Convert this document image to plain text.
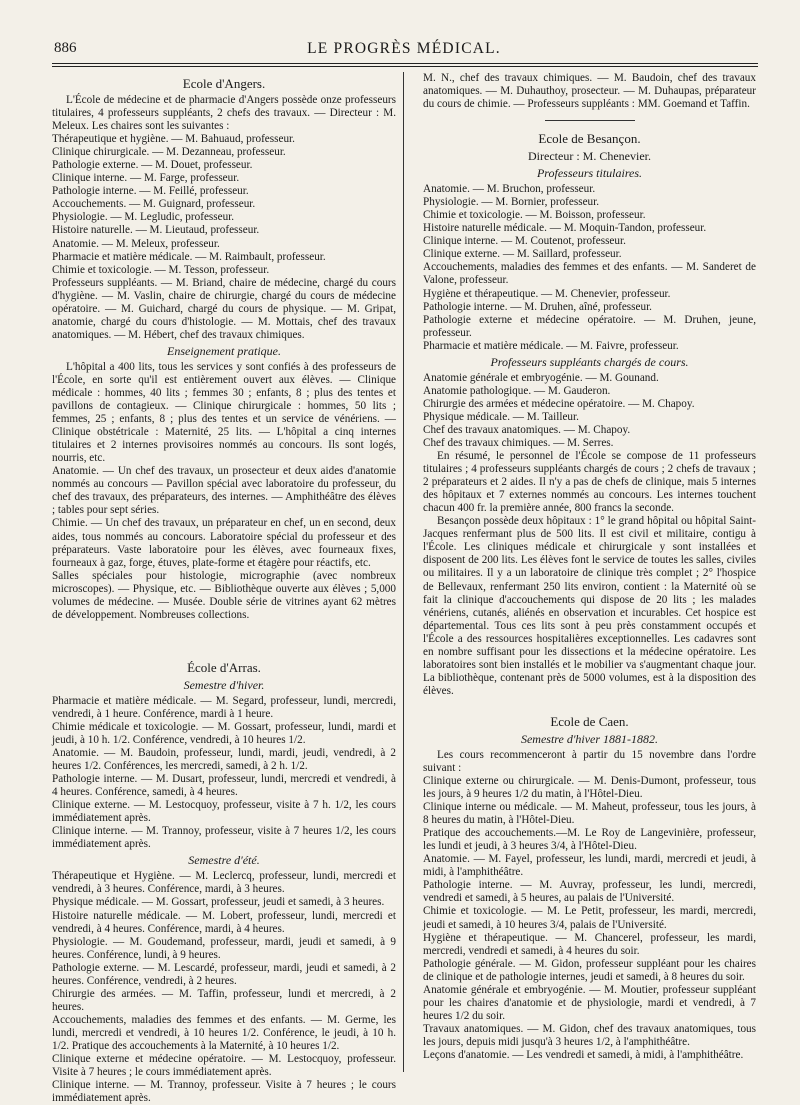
886	LE PROGRÈS MÉDICAL.

Ecole d'Angers.

L'École de médecine et de pharmacie d'Angers possède onze professeurs titulaires, 4 professeurs suppléants, 2 chefs des travaux. — Directeur : M. Meleux. Les chaires sont les suivantes :

Thérapeutique et hygiène. — M. Bahuaud, professeur.

Clinique chirurgicale. — M. Dezanneau, professeur.

Pathologie externe. — M. Douet, professeur.

Clinique interne. — M. Farge, professeur.

Pathologie interne. — M. Feillé, professeur.

Accouchements. — M. Guignard, professeur.

Physiologie. — M. Legludic, professeur.

Histoire naturelle. — M. Lieutaud, professeur.

Anatomie. — M. Meleux, professeur.

Pharmacie et matière médicale. — M. Raimbault, professeur.

Chimie et toxicologie. — M. Tesson, professeur.

Professeurs suppléants. — M. Briand, chaire de médecine, chargé du cours d'hygiène. — M. Vaslin, chaire de chirurgie, chargé du cours de médecine opératoire. — M. Guichard, chargé du cours de physique. — M. Gripat, anatomie, chargé du cours d'histologie. — M. Mottais, chef des travaux anatomiques. — M. Hébert, chef des travaux chimiques.

Enseignement pratique.

L'hôpital a 400 lits, tous les services y sont confiés à des professeurs de l'École, en sorte qu'il est entièrement ouvert aux élèves. — Clinique médicale : hommes, 40 lits ; femmes 30 ; enfants, 8 ; plus des tentes et pavillons de contagieux. — Clinique chirurgicale : hommes, 50 lits ; femmes, 25 ; enfants, 8 ; plus des tentes et un service de vénériens. — Clinique obstétricale : Maternité, 25 lits. — L'hôpital a cinq internes titulaires et 2 internes provisoires nommés au concours. Ils sont logés, nourris, etc.

Anatomie. — Un chef des travaux, un prosecteur et deux aides d'anatomie nommés au concours — Pavillon spécial avec laboratoire du professeur, du chef des travaux, des préparateurs, des internes. — Amphithéâtre des élèves ; tables pour sept séries.

Chimie. — Un chef des travaux, un préparateur en chef, un en second, deux aides, tous nommés au concours. Laboratoire spécial du professeur et des préparateurs. Vaste laboratoire pour les élèves, avec fourneaux fixes, fourneaux à gaz, forge, étuves, plate-forme et étagère pour réactifs, etc.

Salles spéciales pour histologie, micrographie (avec nombreux microscopes). — Physique, etc. — Bibliothèque ouverte aux élèves ; 5,000 volumes de médecine. — Musée. Double série de vitrines ayant 62 mètres de développement. Nombreuses collections.

École d'Arras.

Semestre d'hiver.

Pharmacie et matière médicale. — M. Segard, professeur, lundi, mercredi, vendredi, à 1 heure. Conférence, mardi à 1 heure.

Chimie médicale et toxicologie. — M. Gossart, professeur, lundi, mardi et jeudi, à 10 h. 1/2. Conférence, vendredi, à 10 heures 1/2.

Anatomie. — M. Baudoin, professeur, lundi, mardi, jeudi, vendredi, à 2 heures 1/2. Conférences, les mercredi, samedi, à 2 h. 1/2.

Pathologie interne. — M. Dusart, professeur, lundi, mercredi et vendredi, à 4 heures. Conférence, samedi, à 4 heures.

Clinique externe. — M. Lestocquoy, professeur, visite à 7 h. 1/2, les cours immédiatement après.

Clinique interne. — M. Trannoy, professeur, visite à 7 heures 1/2, les cours immédiatement après.

Semestre d'été.

Thérapeutique et Hygiène. — M. Leclercq, professeur, lundi, mercredi et vendredi, à 3 heures. Conférence, mardi, à 3 heures.

Physique médicale. — M. Gossart, professeur, jeudi et samedi, à 3 heures.

Histoire naturelle médicale. — M. Lobert, professeur, lundi, mercredi et vendredi, à 4 heures. Conférence, mardi, à 4 heures.

Physiologie. — M. Goudemand, professeur, mardi, jeudi et samedi, à 9 heures. Conférence, lundi, à 9 heures.

Pathologie externe. — M. Lescardé, professeur, mardi, jeudi et samedi, à 2 heures. Conférence, vendredi, à 2 heures.

Chirurgie des armées. — M. Taffin, professeur, lundi et mercredi, à 2 heures.

Accouchements, maladies des femmes et des enfants. — M. Germe, les lundi, mercredi et vendredi, à 10 heures 1/2. Conférence, le jeudi, à 10 h. 1/2. Pratique des accouchements à la Maternité, à 10 heures 1/2.

Clinique externe et médecine opératoire. — M. Lestocquoy, professeur. Visite à 7 heures ; le cours immédiatement après.

Clinique interne. — M. Trannoy, professeur. Visite à 7 heures ; le cours immédiatement après.

M. N., chef des travaux chimiques. — M. Baudoin, chef des travaux anatomiques. — M. Duhauthoy, prosecteur. — M. Duhaupas, préparateur du cours de chimie. — Professeurs suppléants : MM. Goemand et Taffin.

Ecole de Besançon.

Directeur : M. Chenevier.

Professeurs titulaires.

Anatomie. — M. Bruchon, professeur.

Physiologie. — M. Bornier, professeur.

Chimie et toxicologie. — M. Boisson, professeur.

Histoire naturelle médicale. — M. Moquin-Tandon, professeur.

Clinique interne. — M. Coutenot, professeur.

Clinique externe. — M. Saillard, professeur.

Accouchements, maladies des femmes et des enfants. — M. Sanderet de Valone, professeur.

Hygiène et thérapeutique. — M. Chenevier, professeur.

Pathologie interne. — M. Druhen, aîné, professeur.

Pathologie externe et médecine opératoire. — M. Druhen, jeune, professeur.

Pharmacie et matière médicale. — M. Faivre, professeur.

Professeurs suppléants chargés de cours.

Anatomie générale et embryogénie. — M. Gounand.

Anatomie pathologique. — M. Gauderon.

Chirurgie des armées et médecine opératoire. — M. Chapoy.

Physique médicale. — M. Tailleur.

Chef des travaux anatomiques. — M. Chapoy.

Chef des travaux chimiques. — M. Serres.

En résumé, le personnel de l'École se compose de 11 professeurs titulaires ; 4 professeurs suppléants chargés de cours ; 2 chefs de travaux ; 2 préparateurs et 2 aides. Il n'y a pas de chefs de clinique, mais 5 internes des hôpitaux et 7 externes nommés au concours. Les internes touchent chacun 400 fr. la première année, 800 francs la seconde.

Besançon possède deux hôpitaux : 1° le grand hôpital ou hôpital Saint-Jacques renfermant plus de 500 lits. Il est civil et militaire, contigu à l'École. Les cliniques médicale et chirurgicale y sont installées et disposent de 200 lits. Les élèves font le service de toutes les salles, civiles ou militaires. Il y a un laboratoire de clinique très complet ; 2° l'hospice de Bellevaux, renfermant 250 lits environ, contient : la Maternité où se fait la clinique d'accouchements qui dispose de 20 lits ; les malades vénériens, cutanés, aliénés en observation et incurables. Cet hospice est départemental. Tous ces lits sont à peu près constamment occupés et l'École a des ressources hospitalières exceptionnelles. Les cadavres sont en nombre suffisant pour les dissections et la médecine opératoire. Les laboratoires sont bien installés et le mobilier va s'augmentant chaque jour. La bibliothèque, contenant près de 5000 volumes, est à la disposition des élèves.

Ecole de Caen.

Semestre d'hiver 1881-1882.

Les cours recommenceront à partir du 15 novembre dans l'ordre suivant :

Clinique externe ou chirurgicale. — M. Denis-Dumont, professeur, tous les jours, à 9 heures 1/2 du matin, à l'Hôtel-Dieu.

Clinique interne ou médicale. — M. Maheut, professeur, tous les jours, à 8 heures du matin, à l'Hôtel-Dieu.

Pratique des accouchements.—M. Le Roy de Langevinière, professeur, les lundi et jeudi, à 3 heures 3/4, à l'Hôtel-Dieu.

Anatomie. — M. Fayel, professeur, les lundi, mardi, mercredi et jeudi, à midi, à l'amphithéâtre.

Pathologie interne. — M. Auvray, professeur, les lundi, mercredi, vendredi et samedi, à 5 heures, au palais de l'Université.

Chimie et toxicologie. — M. Le Petit, professeur, les mardi, mercredi, jeudi et samedi, à 10 heures 3/4, palais de l'Université.

Hygiène et thérapeutique. — M. Chancerel, professeur, les mardi, mercredi, vendredi et samedi, à 4 heures du soir.

Pathologie générale. — M. Gidon, professeur suppléant pour les chaires de clinique et de pathologie internes, jeudi et samedi, à 8 heures du soir.

Anatomie générale et embryogénie. — M. Moutier, professeur suppléant pour les chaires d'anatomie et de physiologie, mardi et vendredi, à 7 heures 1/2 du soir.

Travaux anatomiques. — M. Gidon, chef des travaux anatomiques, tous les jours, depuis midi jusqu'à 3 heures 1/2, à l'amphithéâtre.

Leçons d'anatomie. — Les vendredi et samedi, à midi, à l'amphithéâtre.
